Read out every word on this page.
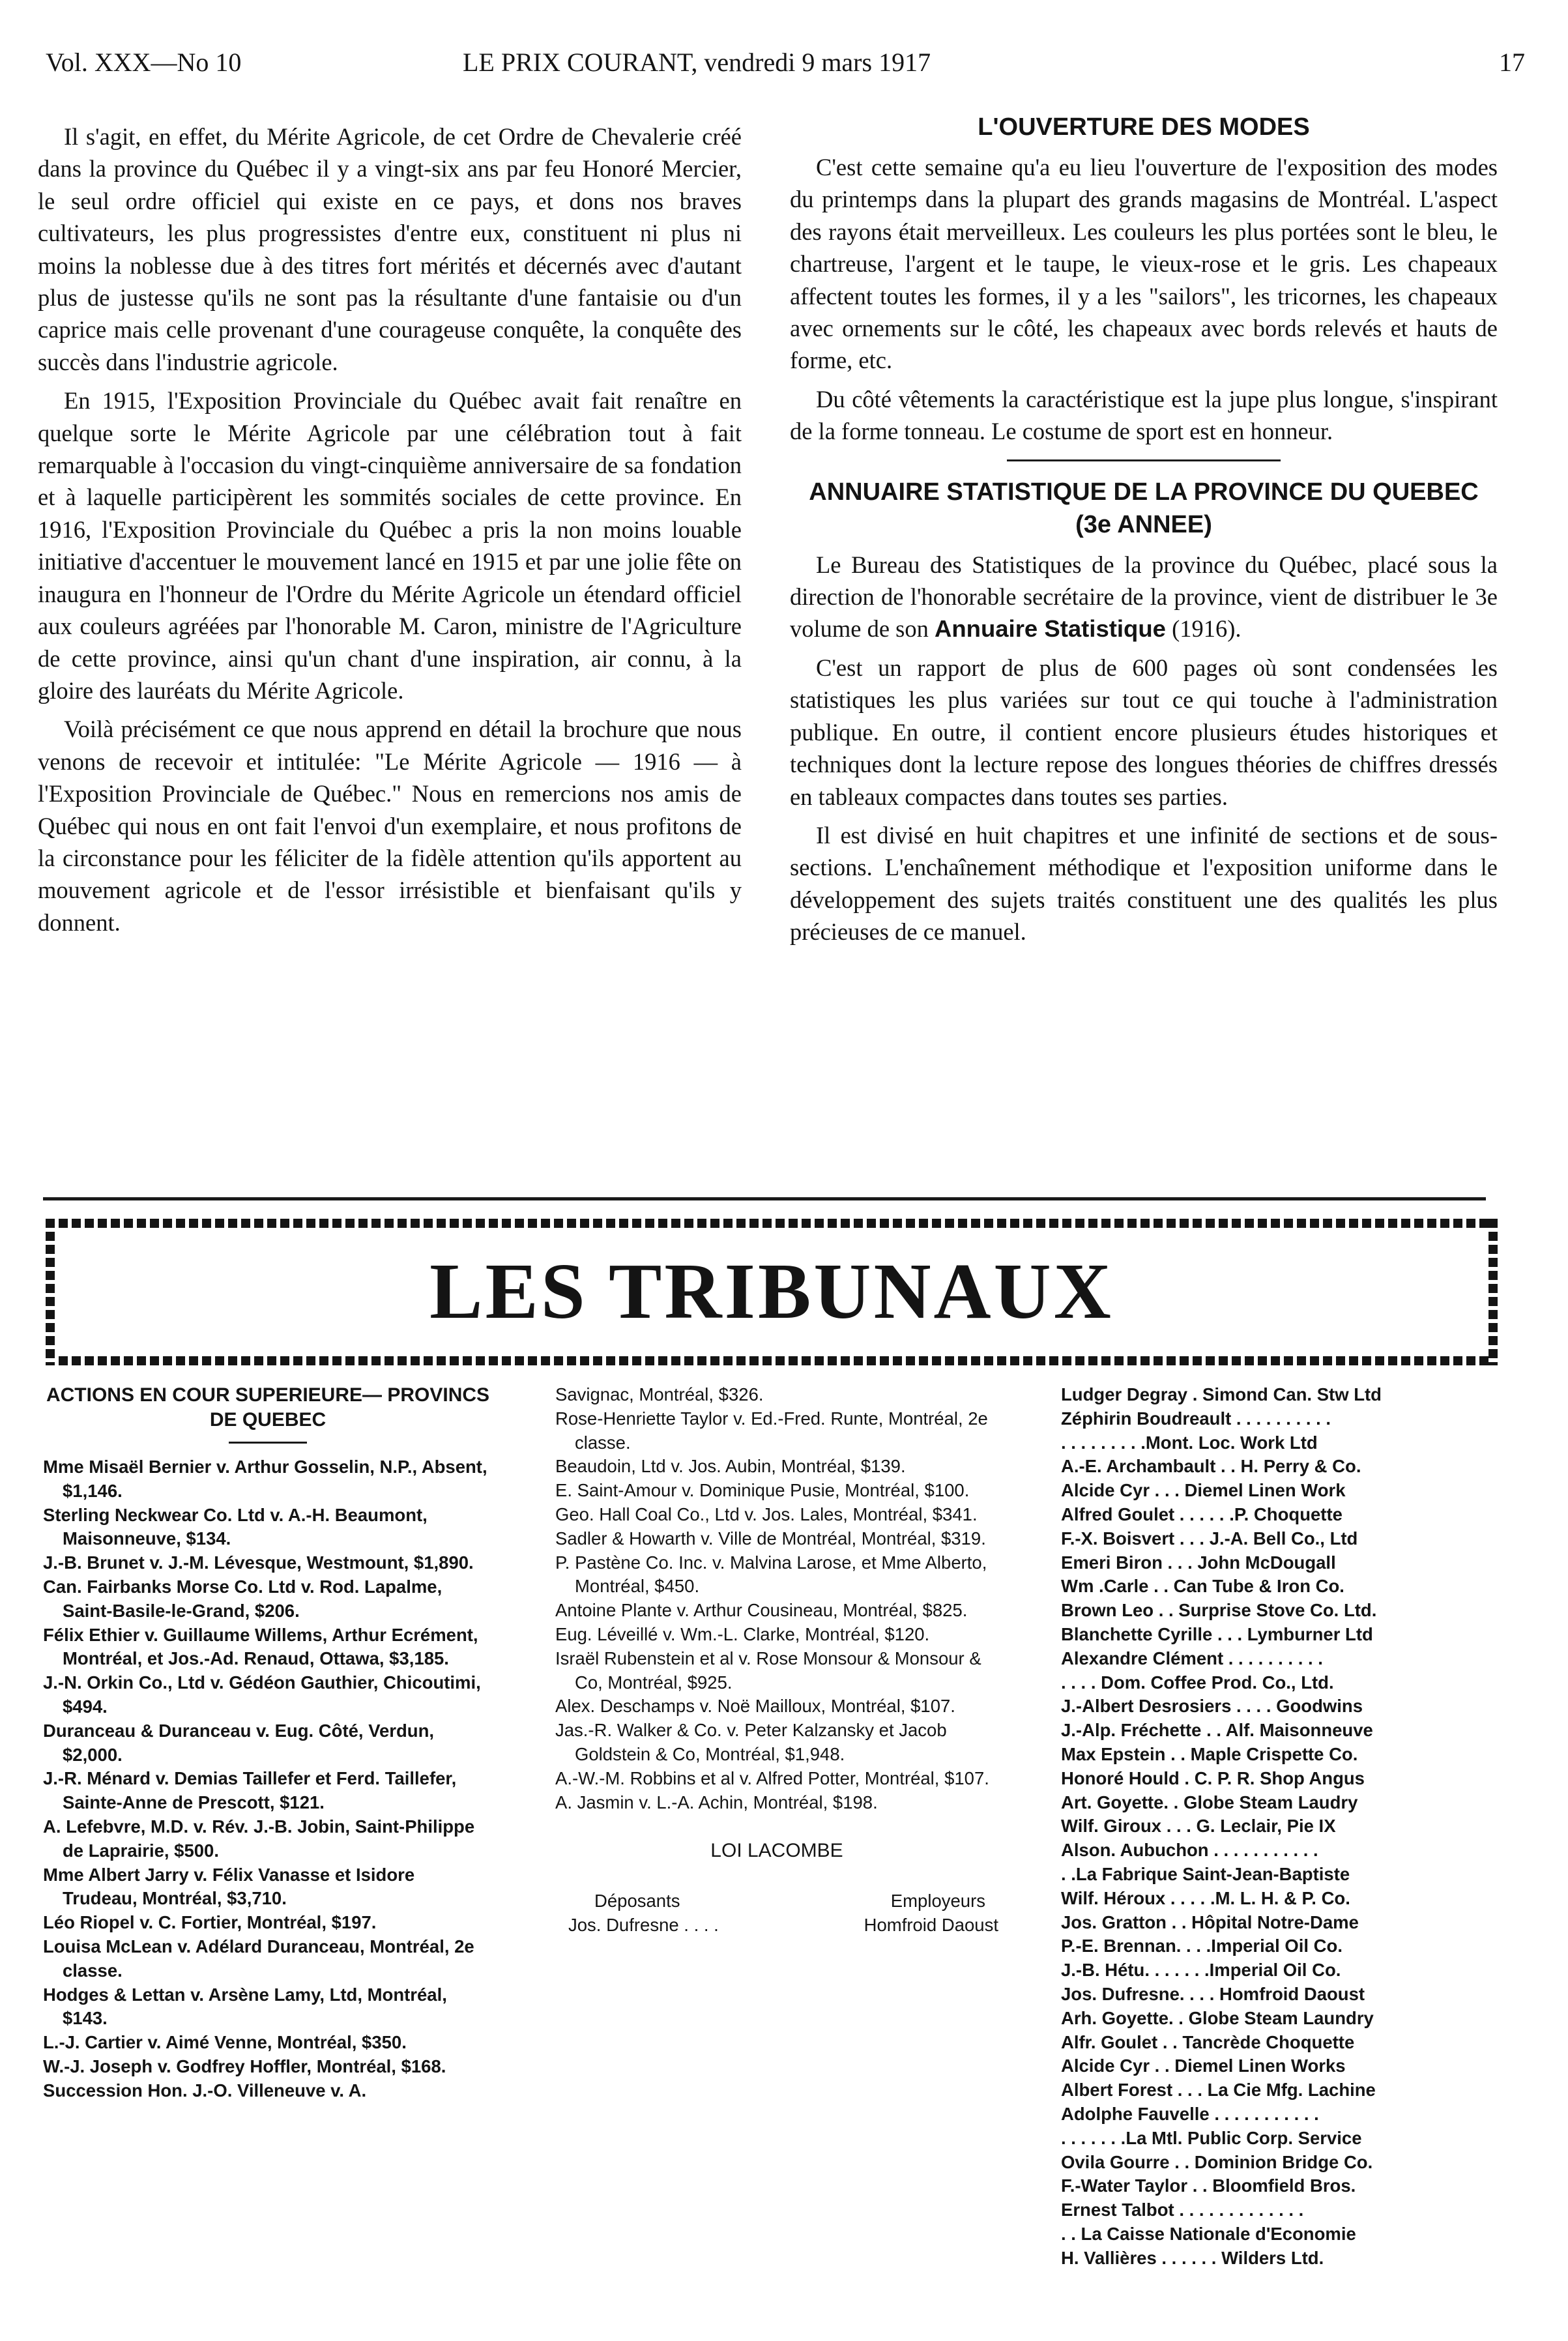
Vol. XXX—No 10	LE PRIX COURANT, vendredi 9 mars 1917	17

Il s'agit, en effet, du Mérite Agricole, de cet Ordre de Chevalerie créé dans la province du Québec il y a vingt-six ans par feu Honoré Mercier, le seul ordre officiel qui existe en ce pays, et dons nos braves cultivateurs, les plus progressistes d'entre eux, constituent ni plus ni moins la noblesse due à des titres fort mérités et décernés avec d'autant plus de justesse qu'ils ne sont pas la résultante d'une fantaisie ou d'un caprice mais celle provenant d'une courageuse conquête, la conquête des succès dans l'industrie agricole.

En 1915, l'Exposition Provinciale du Québec avait fait renaître en quelque sorte le Mérite Agricole par une célébration tout à fait remarquable à l'occasion du vingt-cinquième anniversaire de sa fondation et à laquelle participèrent les sommités sociales de cette province. En 1916, l'Exposition Provinciale du Québec a pris la non moins louable initiative d'accentuer le mouvement lancé en 1915 et par une jolie fête on inaugura en l'honneur de l'Ordre du Mérite Agricole un étendard officiel aux couleurs agréées par l'honorable M. Caron, ministre de l'Agriculture de cette province, ainsi qu'un chant d'une inspiration, air connu, à la gloire des lauréats du Mérite Agricole.

Voilà précisément ce que nous apprend en détail la brochure que nous venons de recevoir et intitulée: "Le Mérite Agricole — 1916 — à l'Exposition Provinciale de Québec." Nous en remercions nos amis de Québec qui nous en ont fait l'envoi d'un exemplaire, et nous profitons de la circonstance pour les féliciter de la fidèle attention qu'ils apportent au mouvement agricole et de l'essor irrésistible et bienfaisant qu'ils y donnent.

L'OUVERTURE DES MODES

C'est cette semaine qu'a eu lieu l'ouverture de l'exposition des modes du printemps dans la plupart des grands magasins de Montréal. L'aspect des rayons était merveilleux. Les couleurs les plus portées sont le bleu, le chartreuse, l'argent et le taupe, le vieux-rose et le gris. Les chapeaux affectent toutes les formes, il y a les "sailors", les tricornes, les chapeaux avec ornements sur le côté, les chapeaux avec bords relevés et hauts de forme, etc.

Du côté vêtements la caractéristique est la jupe plus longue, s'inspirant de la forme tonneau. Le costume de sport est en honneur.

ANNUAIRE STATISTIQUE DE LA PROVINCE DU QUEBEC (3e ANNEE)

Le Bureau des Statistiques de la province du Québec, placé sous la direction de l'honorable secrétaire de la province, vient de distribuer le 3e volume de son Annuaire Statistique (1916).

C'est un rapport de plus de 600 pages où sont condensées les statistiques les plus variées sur tout ce qui touche à l'administration publique. En outre, il contient encore plusieurs études historiques et techniques dont la lecture repose des longues théories de chiffres dressés en tableaux compactes dans toutes ses parties.

Il est divisé en huit chapitres et une infinité de sections et de sous-sections. L'enchaînement méthodique et l'exposition uniforme dans le développement des sujets traités constituent une des qualités les plus précieuses de ce manuel.

LES TRIBUNAUX
ACTIONS EN COUR SUPERIEURE— PROVINCS DE QUEBEC

Mme Misaël Bernier v. Arthur Gosselin, N.P., Absent, $1,146.

Sterling Neckwear Co. Ltd v. A.-H. Beaumont, Maisonneuve, $134.

J.-B. Brunet v. J.-M. Lévesque, Westmount, $1,890.

Can. Fairbanks Morse Co. Ltd v. Rod. Lapalme, Saint-Basile-le-Grand, $206.

Félix Ethier v. Guillaume Willems, Arthur Ecrément, Montréal, et Jos.-Ad. Renaud, Ottawa, $3,185.

J.-N. Orkin Co., Ltd v. Gédéon Gauthier, Chicoutimi, $494.

Duranceau & Duranceau v. Eug. Côté, Verdun, $2,000.

J.-R. Ménard v. Demias Taillefer et Ferd. Taillefer, Sainte-Anne de Prescott, $121.

A. Lefebvre, M.D. v. Rév. J.-B. Jobin, Saint-Philippe de Laprairie, $500.

Mme Albert Jarry v. Félix Vanasse et Isidore Trudeau, Montréal, $3,710.

Léo Riopel v. C. Fortier, Montréal, $197.

Louisa McLean v. Adélard Duranceau, Montréal, 2e classe.

Hodges & Lettan v. Arsène Lamy, Ltd, Montréal, $143.

L.-J. Cartier v. Aimé Venne, Montréal, $350.

W.-J. Joseph v. Godfrey Hoffler, Montréal, $168.

Succession Hon. J.-O. Villeneuve v. A.

Savignac, Montréal, $326.

Rose-Henriette Taylor v. Ed.-Fred. Runte, Montréal, 2e classe.

Beaudoin, Ltd v. Jos. Aubin, Montréal, $139.

E. Saint-Amour v. Dominique Pusie, Montréal, $100.

Geo. Hall Coal Co., Ltd v. Jos. Lales, Montréal, $341.

Sadler & Howarth v. Ville de Montréal, Montréal, $319.

P. Pastène Co. Inc. v. Malvina Larose, et Mme Alberto, Montréal, $450.

Antoine Plante v. Arthur Cousineau, Montréal, $825.

Eug. Léveillé v. Wm.-L. Clarke, Montréal, $120.

Israël Rubenstein et al v. Rose Monsour & Monsour & Co, Montréal, $925.

Alex. Deschamps v. Noë Mailloux, Montréal, $107.

Jas.-R. Walker & Co. v. Peter Kalzansky et Jacob Goldstein & Co, Montréal, $1,948.

A.-W.-M. Robbins et al v. Alfred Potter, Montréal, $107.

A. Jasmin v. L.-A. Achin, Montréal, $198.

LOI LACOMBE
Déposants	Employeurs
Jos. Dufresne . . . .	Homfroid Daoust

Ludger Degray . Simond Can. Stw Ltd

Zéphirin Boudreault . . . . . . . . . .

. . . . . . . . .Mont. Loc. Work Ltd

A.-E. Archambault . . H. Perry & Co.

Alcide Cyr . . . Diemel Linen Work

Alfred Goulet . . . . . .P. Choquette

F.-X. Boisvert . . . J.-A. Bell Co., Ltd

Emeri Biron . . . John McDougall

Wm .Carle . . Can Tube & Iron Co.

Brown Leo . . Surprise Stove Co. Ltd.

Blanchette Cyrille . . . Lymburner Ltd

Alexandre Clément . . . . . . . . . .

. . . . Dom. Coffee Prod. Co., Ltd.

J.-Albert Desrosiers . . . . Goodwins

J.-Alp. Fréchette . . Alf. Maisonneuve

Max Epstein . . Maple Crispette Co.

Honoré Hould . C. P. R. Shop Angus

Art. Goyette. . Globe Steam Laudry

Wilf. Giroux . . . G. Leclair, Pie IX

Alson. Aubuchon . . . . . . . . . . .

. .La Fabrique Saint-Jean-Baptiste

Wilf. Héroux . . . . .M. L. H. & P. Co.

Jos. Gratton . . Hôpital Notre-Dame

P.-E. Brennan. . . .Imperial Oil Co.

J.-B. Hétu. . . . . . .Imperial Oil Co.

Jos. Dufresne. . . . Homfroid Daoust

Arh. Goyette. . Globe Steam Laundry

Alfr. Goulet . . Tancrède Choquette

Alcide Cyr . . Diemel Linen Works

Albert Forest . . . La Cie Mfg. Lachine

Adolphe Fauvelle . . . . . . . . . . .

. . . . . . .La Mtl. Public Corp. Service

Ovila Gourre . . Dominion Bridge Co.

F.-Water Taylor . . Bloomfield Bros.

Ernest Talbot . . . . . . . . . . . . .

. . La Caisse Nationale d'Economie

H. Vallières . . . . . . Wilders Ltd.
